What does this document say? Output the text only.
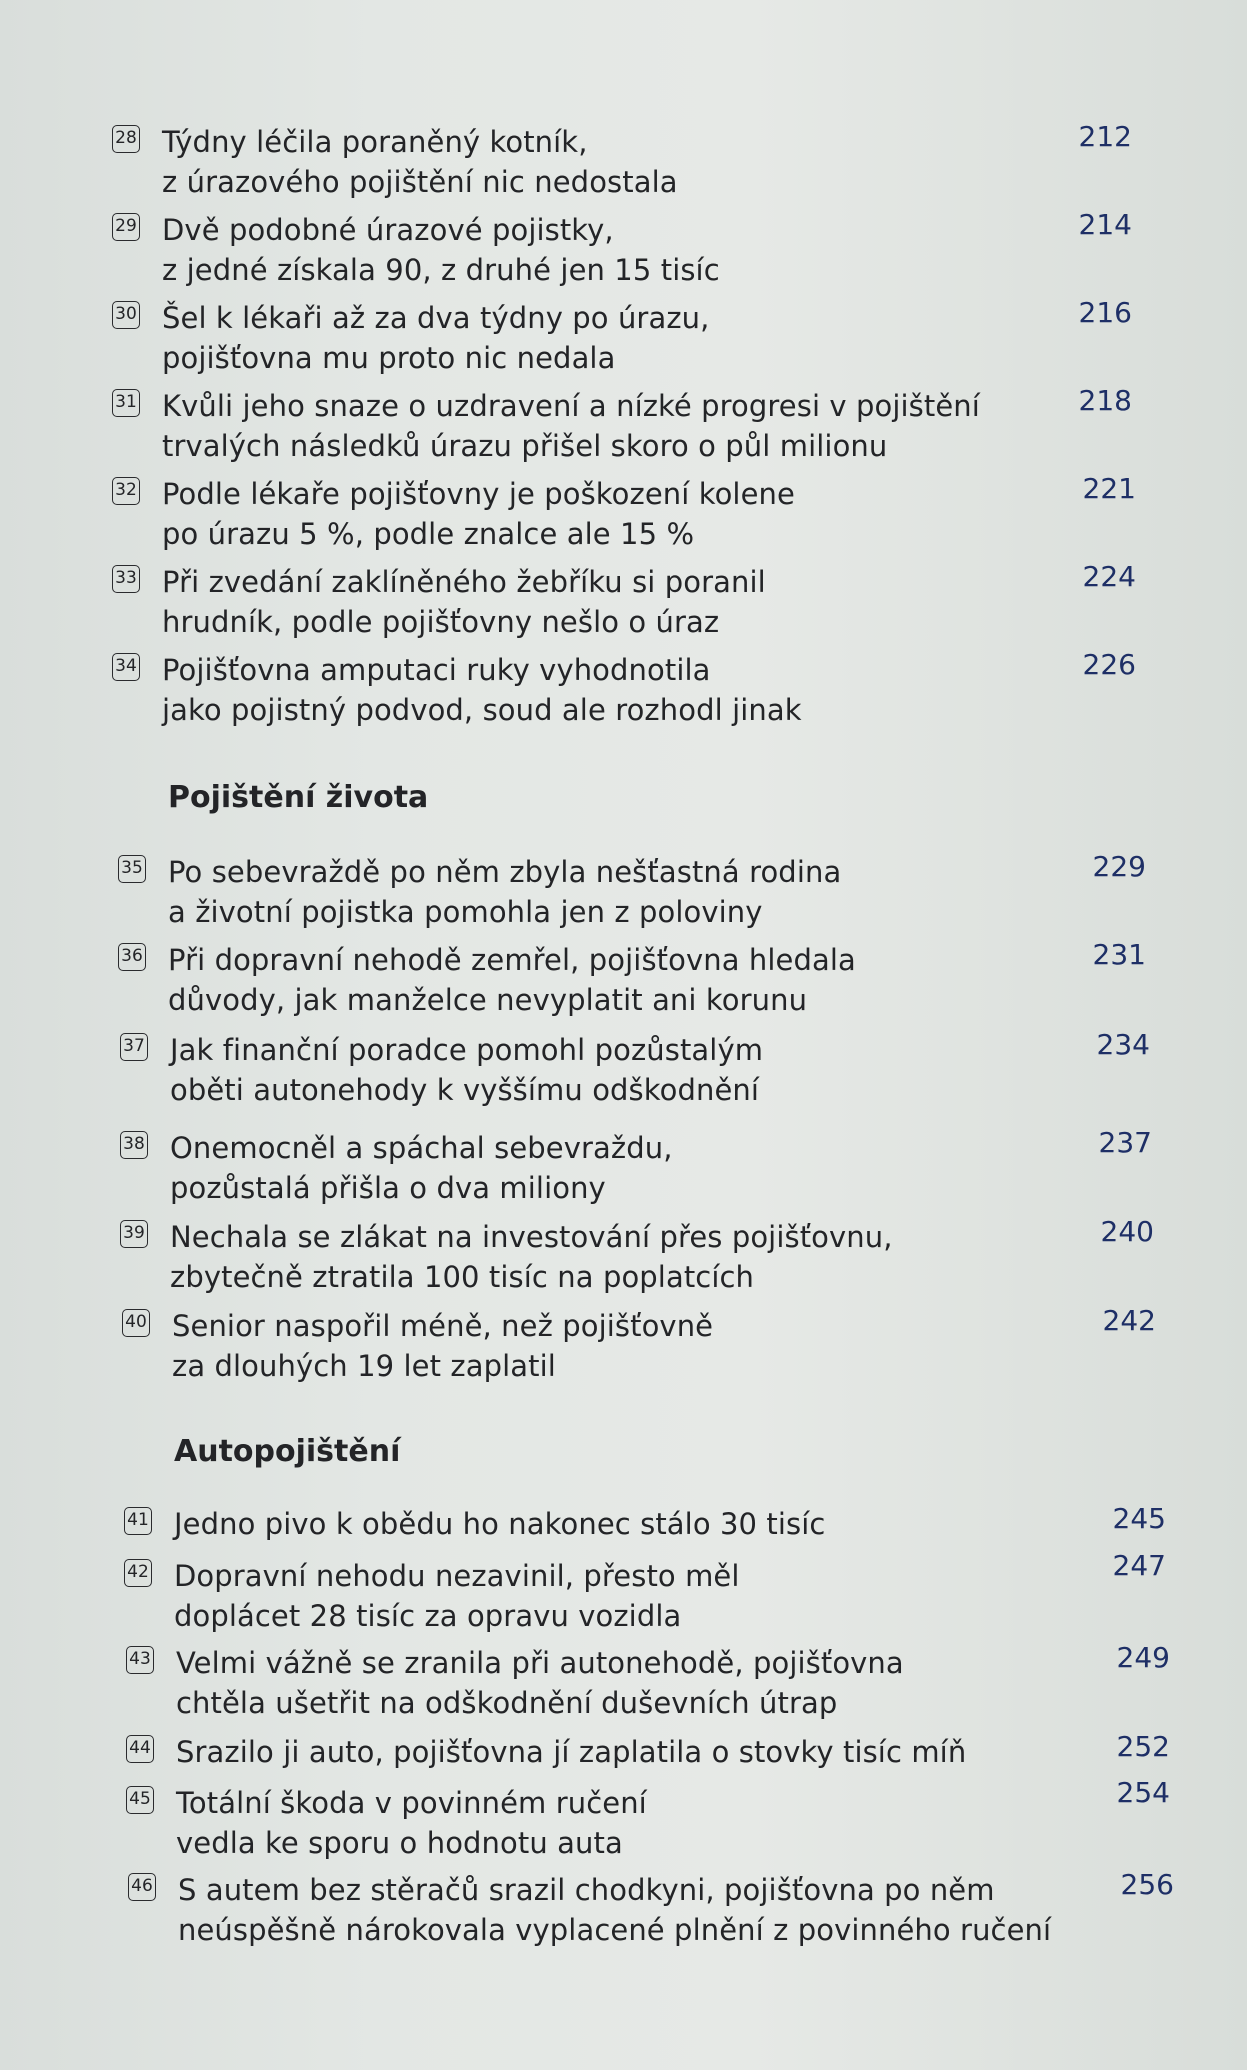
28 Týdny léčila poraněný kotník,
z úrazového pojištění nic nedostala
212
29 Dvě podobné úrazové pojistky,
z jedné získala 90, z druhé jen 15 tisíc
214
30 Šel k lékaři až za dva týdny po úrazu,
pojišťovna mu proto nic nedala
216
31 Kvůli jeho snaze o uzdravení a nízké progresi v pojištění
trvalých následků úrazu přišel skoro o půl milionu
218
32 Podle lékaře pojišťovny je poškození kolene
po úrazu 5 %, podle znalce ale 15 %
221
33 Při zvedání zaklíněného žebříku si poranil
hrudník, podle pojišťovny nešlo o úraz
224
34 Pojišťovna amputaci ruky vyhodnotila
jako pojistný podvod, soud ale rozhodl jinak
226
Pojištění života
35 Po sebevraždě po něm zbyla nešťastná rodina
a životní pojistka pomohla jen z poloviny
229
36 Při dopravní nehodě zemřel, pojišťovna hledala
důvody, jak manželce nevyplatit ani korunu
231
37 Jak finanční poradce pomohl pozůstalým
oběti autonehody k vyššímu odškodnění
234
38 Onemocněl a spáchal sebevraždu,
pozůstalá přišla o dva miliony
237
39 Nechala se zlákat na investování přes pojišťovnu,
zbytečně ztratila 100 tisíc na poplatcích
240
40 Senior naspořil méně, než pojišťovně
za dlouhých 19 let zaplatil
242
Autopojištění
41 Jedno pivo k obědu ho nakonec stálo 30 tisíc	245
42 Dopravní nehodu nezavinil, přesto měl
doplácet 28 tisíc za opravu vozidla
247
43 Velmi vážně se zranila při autonehodě, pojišťovna
chtěla ušetřit na odškodnění duševních útrap
249
44 Srazilo ji auto, pojišťovna jí zaplatila o stovky tisíc míň	252
45 Totální škoda v povinném ručení
vedla ke sporu o hodnotu auta
254
46 S autem bez stěračů srazil chodkyni, pojišťovna po něm
neúspěšně nárokovala vyplacené plnění z povinného ručení
256
